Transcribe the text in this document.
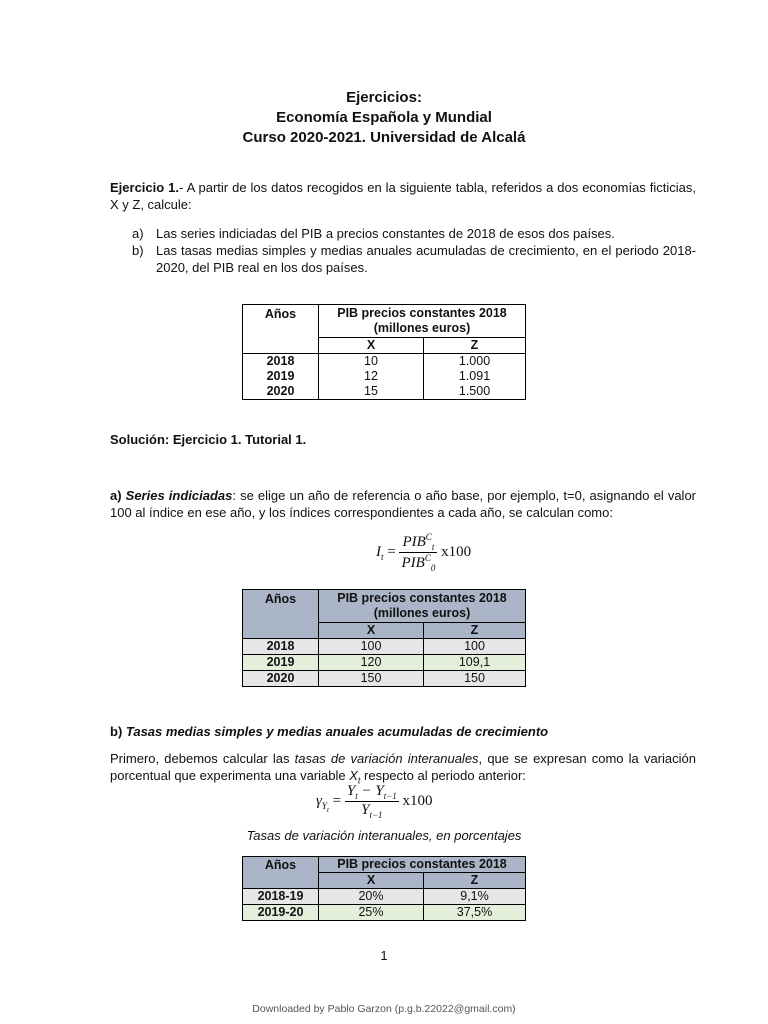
Ejercicios:
Economía Española y Mundial
Curso 2020-2021. Universidad de Alcalá
Ejercicio 1.- A partir de los datos recogidos en la siguiente tabla, referidos a dos economías ficticias, X y Z, calcule:
a) Las series indiciadas del PIB a precios constantes de 2018 de esos dos países.
b) Las tasas medias simples y medias anuales acumuladas de crecimiento, en el periodo 2018-2020, del PIB real en los dos países.
Años	PIB precios constantes 2018
(millones euros)	

	X	Z
2018	10	1.000
2019	12	1.091
2020	15	1.500
Solución: Ejercicio 1. Tutorial 1.
a) Series indiciadas: se elige un año de referencia o año base, por ejemplo, t=0, asignando el valor 100 al índice en ese año, y los índices correspondientes a cada año, se calculan como:
$I_t = \frac{PIB^C_t}{PIB^C_0} x100$
Años	PIB precios constantes 2018
(millones euros)	

	X	Z
2018	100	100
2019	120	109,1
2020	150	150
b) Tasas medias simples y medias anuales acumuladas de crecimiento
Primero, debemos calcular las tasas de variación interanuales, que se expresan como la variación porcentual que experimenta una variable $X_t$ respecto al periodo anterior:
$\gamma_{Y_t} = \frac{Y_t - Y_{t-1}}{Y_{t-1}} x100$
Tasas de variación interanuales, en porcentajes
Años	PIB precios constantes 2018	
	X	Z
2018-19	20%	9,1%
2019-20	25%	37,5%
1
Downloaded by Pablo Garzon (p.g.b.22022@gmail.com)
